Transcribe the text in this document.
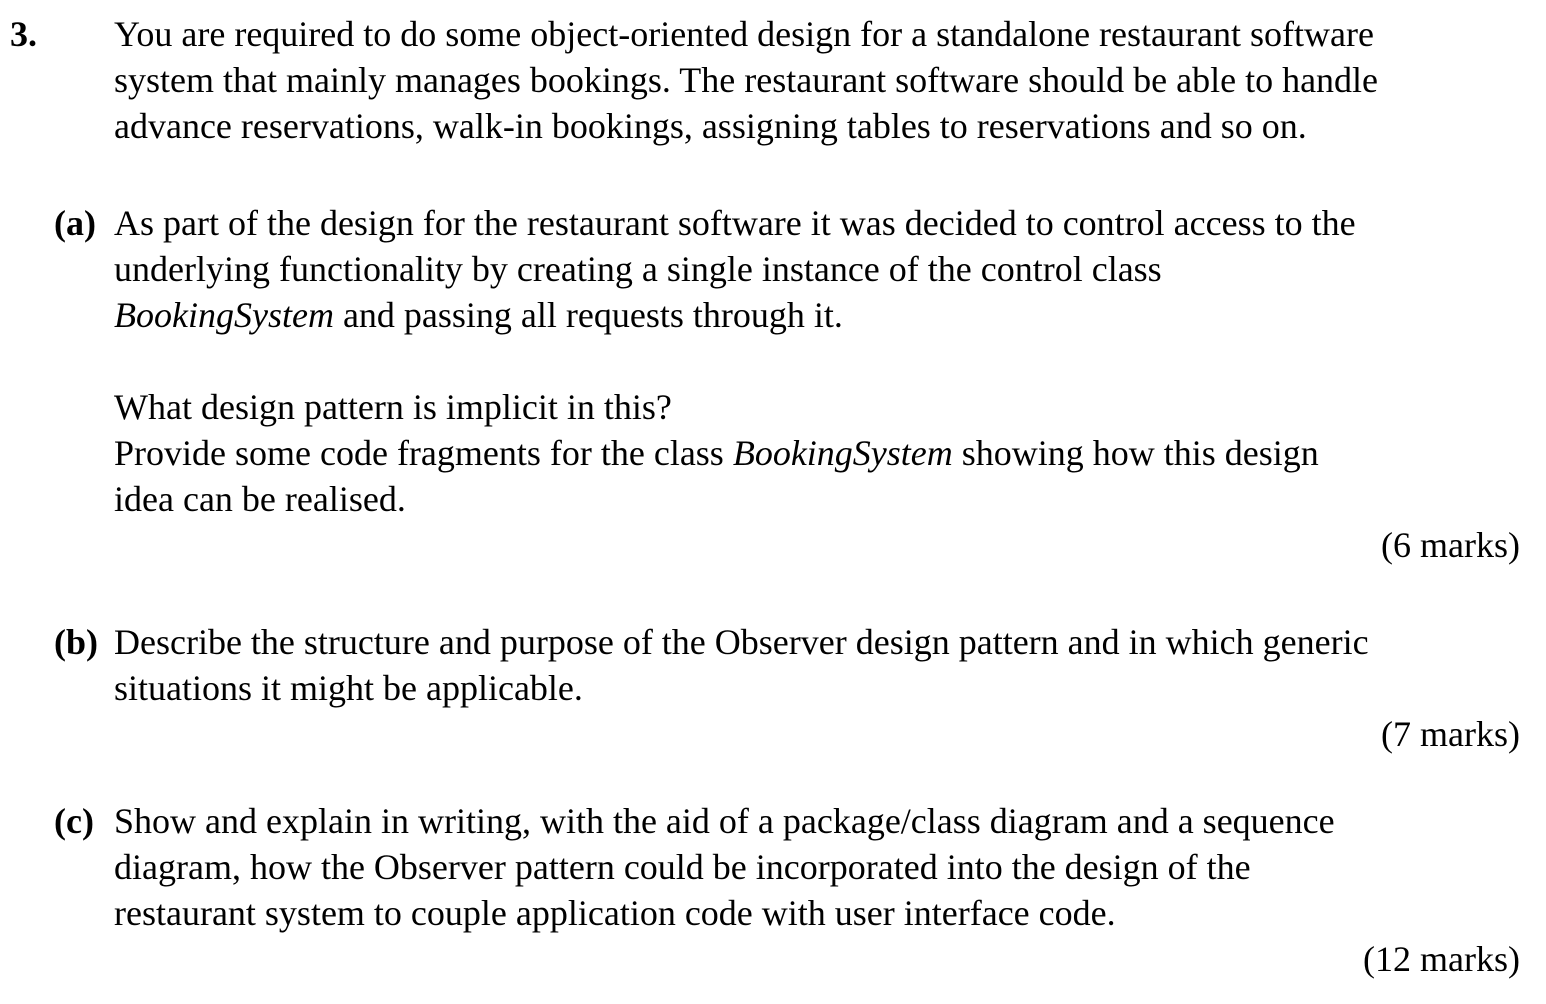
3. You are required to do some object-oriented design for a standalone restaurant software
system that mainly manages bookings. The restaurant software should be able to handle
advance reservations, walk-in bookings, assigning tables to reservations and so on.
(a) As part of the design for the restaurant software it was decided to control access to the
underlying functionality by creating a single instance of the control class
BookingSystem and passing all requests through it.
What design pattern is implicit in this?
Provide some code fragments for the class BookingSystem showing how this design
idea can be realised.
(6 marks)
(b) Describe the structure and purpose of the Observer design pattern and in which generic
situations it might be applicable.
(7 marks)
(c) Show and explain in writing, with the aid of a package/class diagram and a sequence
diagram, how the Observer pattern could be incorporated into the design of the
restaurant system to couple application code with user interface code.
(12 marks)
